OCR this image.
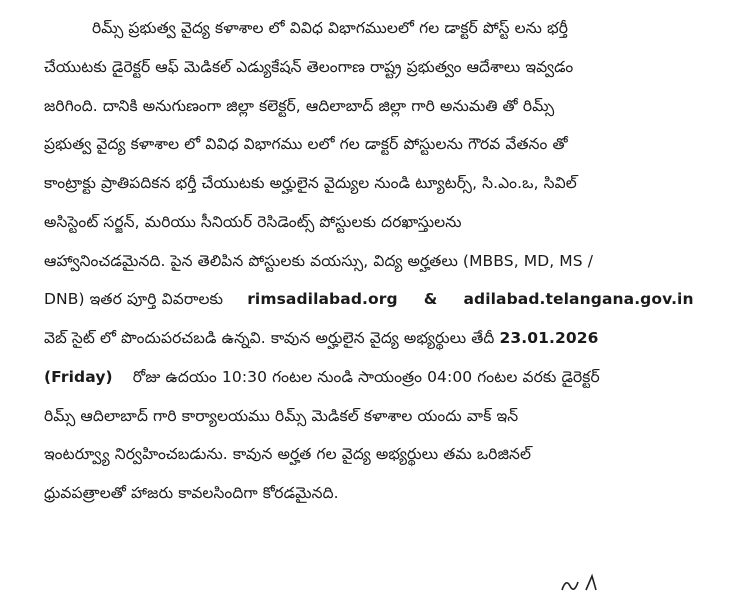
రిమ్స్ ప్రభుత్వ వైద్య కళాశాల లో వివిధ విభాగములలో గల డాక్టర్ పోస్ట్ లను భర్తీ
చేయుటకు డైరెక్టర్ ఆఫ్ మెడికల్ ఎడ్యుకేషన్ తెలంగాణ రాష్ట్ర ప్రభుత్వం ఆదేశాలు ఇవ్వడం
జరిగింది. దానికి అనుగుణంగా జిల్లా కలెక్టర్, ఆదిలాబాద్ జిల్లా గారి అనుమతి తో రిమ్స్
ప్రభుత్వ వైద్య కళాశాల లో వివిధ విభాగము లలో గల డాక్టర్ పోస్టులను గౌరవ వేతనం తో
కాంట్రాక్టు ప్రాతిపదికన భర్తీ చేయుటకు అర్హులైన వైద్యుల నుండి ట్యూటర్స్, సి.ఎం.ఒ, సివిల్
అసిస్టెంట్ సర్జన్, మరియు సీనియర్ రెసిడెంట్స్ పోస్టులకు దరఖాస్తులను
ఆహ్వానించడమైనది. పైన తెలిపిన పోస్టులకు వయస్సు, విద్య అర్హతలు (MBBS, MD, MS /
DNB) ఇతర పూర్తి వివరాలకు rimsadilabad.org & adilabad.telangana.gov.in
వెబ్ సైట్ లో పొందుపరచబడి ఉన్నవి. కావున అర్హులైన వైద్య అభ్యర్థులు తేదీ 23.01.2026
(Friday) రోజు ఉదయం 10:30 గంటల నుండి సాయంత్రం 04:00 గంటల వరకు డైరెక్టర్
రిమ్స్ ఆదిలాబాద్ గారి కార్యాలయము రిమ్స్ మెడికల్ కళాశాల యందు వాక్ ఇన్
ఇంటర్వ్యూ నిర్వహించబడును. కావున అర్హత గల వైద్య అభ్యర్థులు తమ ఒరిజినల్
ధ్రువపత్రాలతో హాజరు కావలసిందిగా కోరడమైనది.
